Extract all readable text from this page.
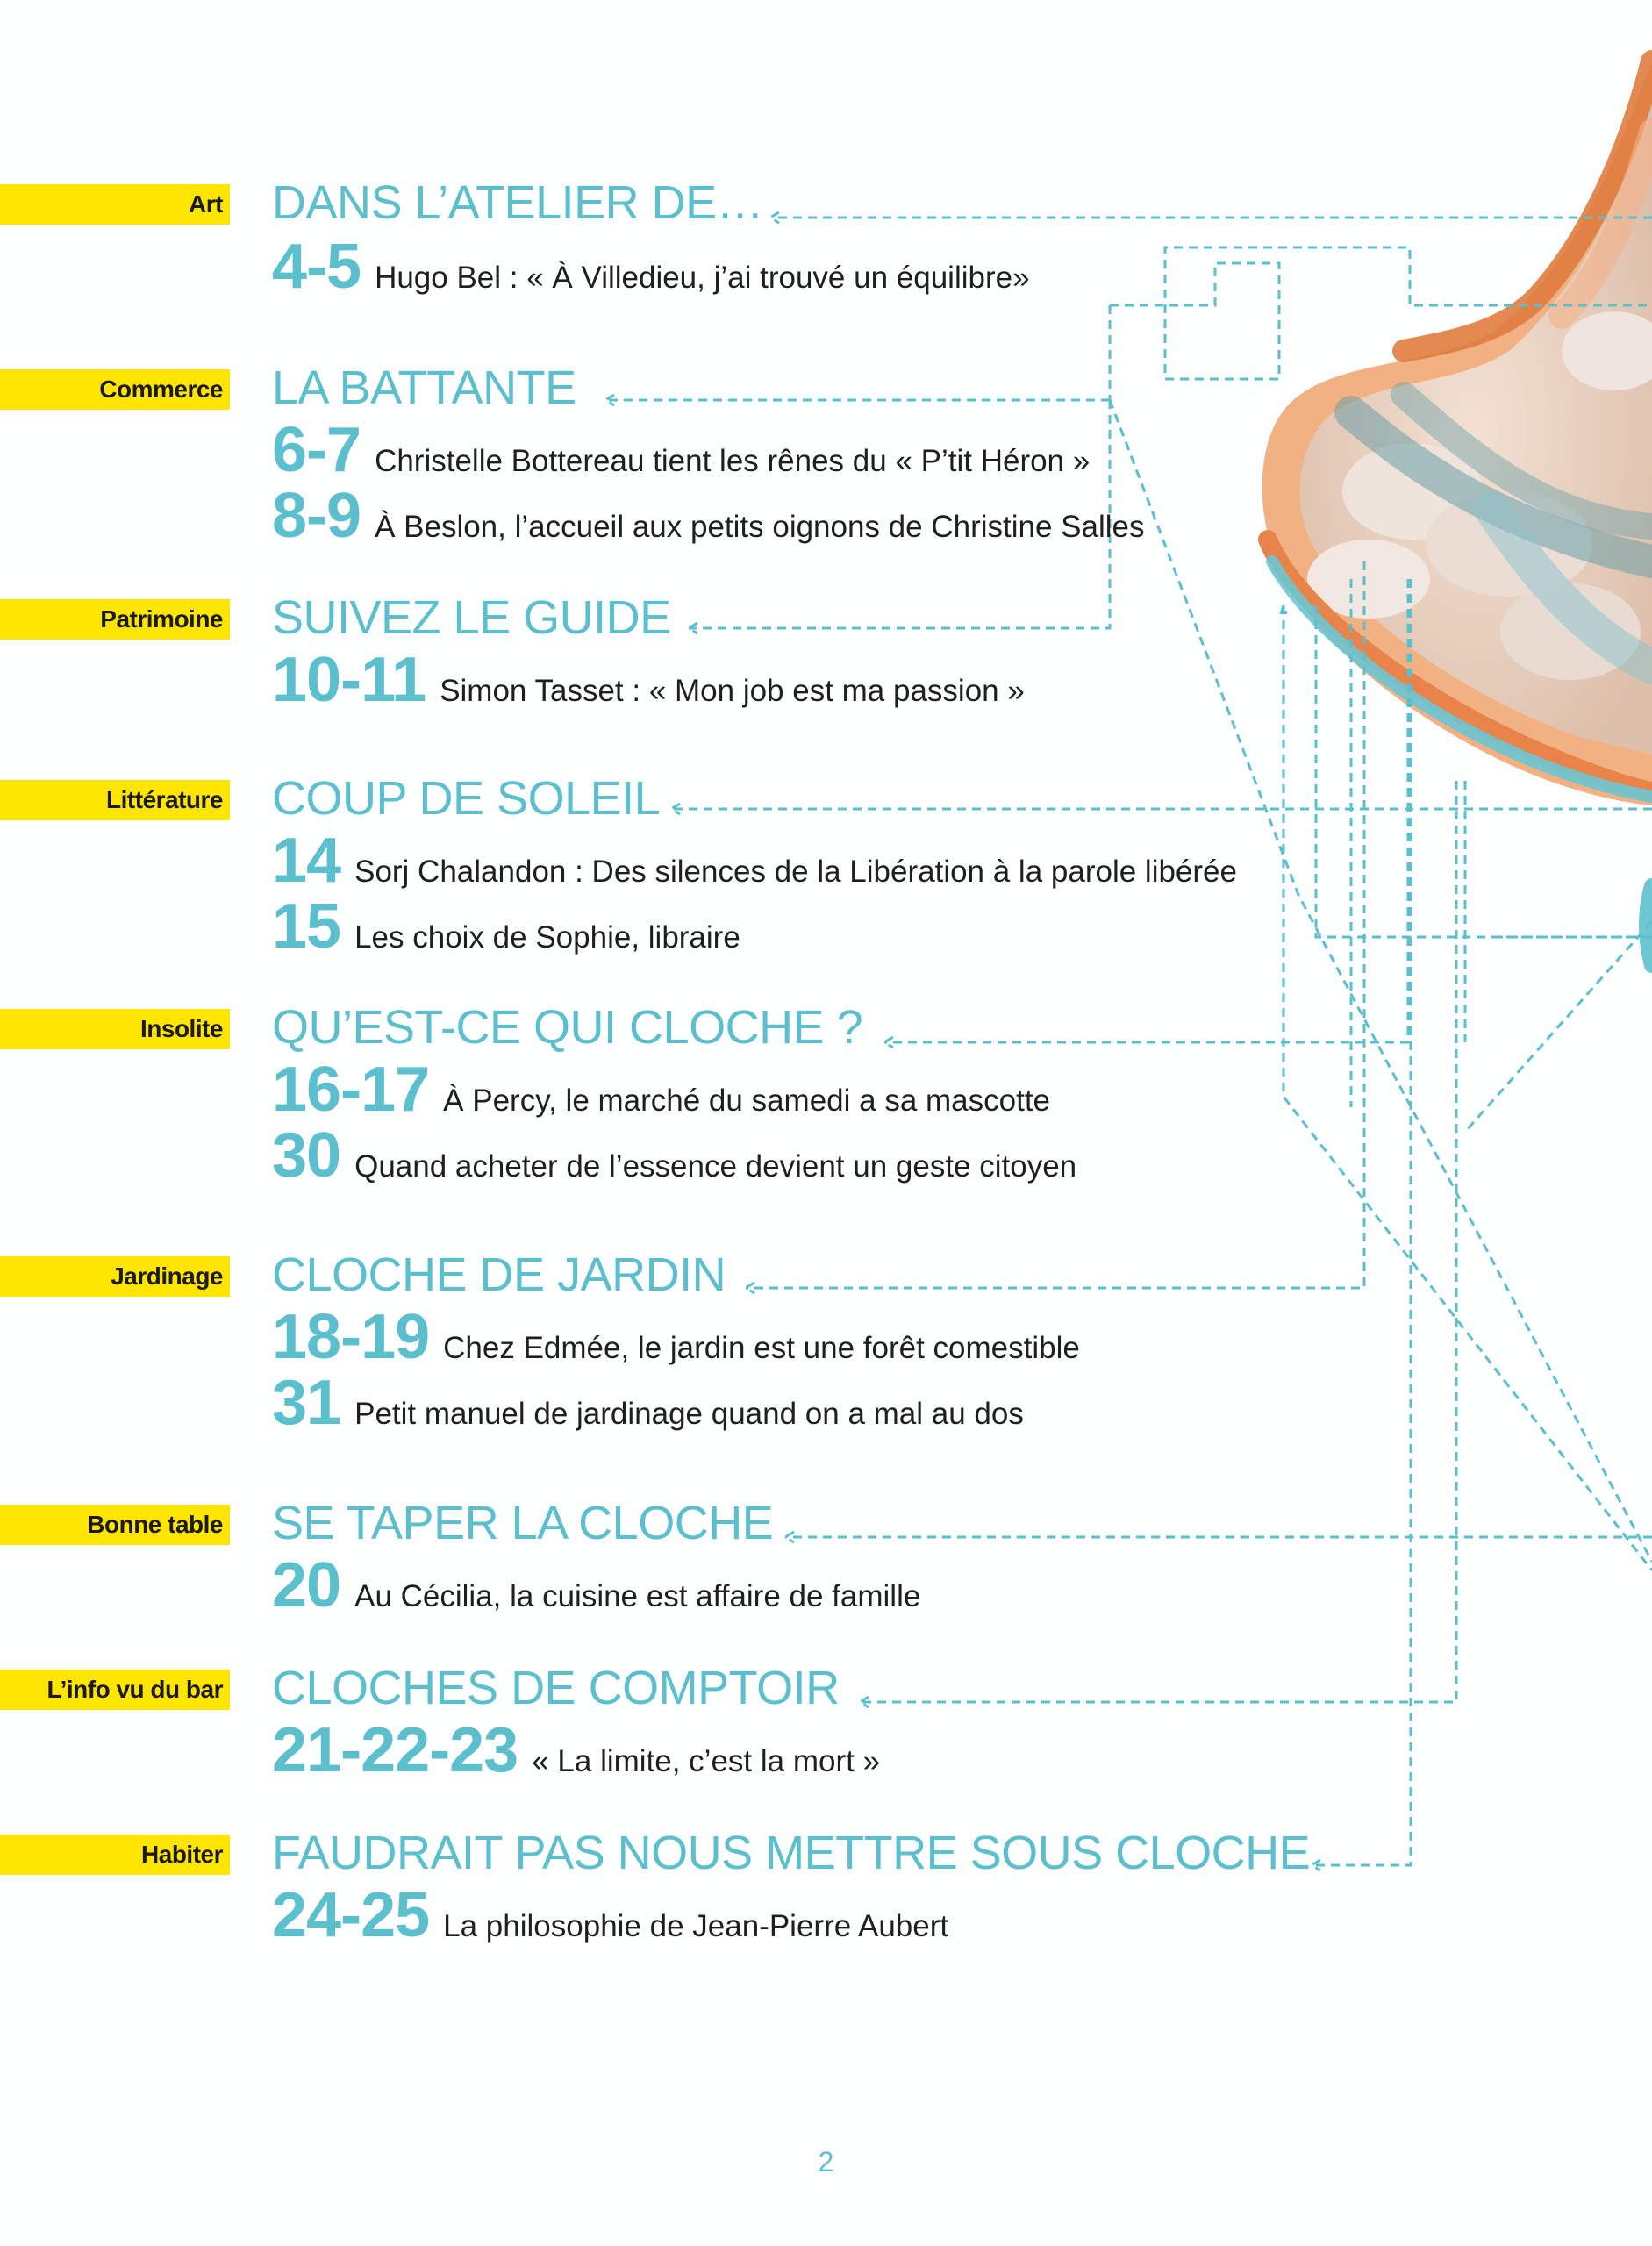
Art DANS L’ATELIER DE…
4-5 Hugo Bel : « À Villedieu, j’ai trouvé un équilibre»
Commerce LA BATTANTE
6-7 Christelle Bottereau tient les rênes du « P’tit Héron »
8-9 À Beslon, l’accueil aux petits oignons de Christine Salles
Patrimoine SUIVEZ LE GUIDE
10-11 Simon Tasset : « Mon job est ma passion »
Littérature COUP DE SOLEIL
14 Sorj Chalandon : Des silences de la Libération à la parole libérée
15 Les choix de Sophie, libraire
Insolite QU’EST-CE QUI CLOCHE ?
16-17 À Percy, le marché du samedi a sa mascotte
30 Quand acheter de l’essence devient un geste citoyen
Jardinage CLOCHE DE JARDIN
18-19 Chez Edmée, le jardin est une forêt comestible
31 Petit manuel de jardinage quand on a mal au dos
Bonne table SE TAPER LA CLOCHE
20 Au Cécilia, la cuisine est affaire de famille
L’info vu du bar CLOCHES DE COMPTOIR
21-22-23 « La limite, c’est la mort »
Habiter FAUDRAIT PAS NOUS METTRE SOUS CLOCHE
24-25 La philosophie de Jean-Pierre Aubert
2
